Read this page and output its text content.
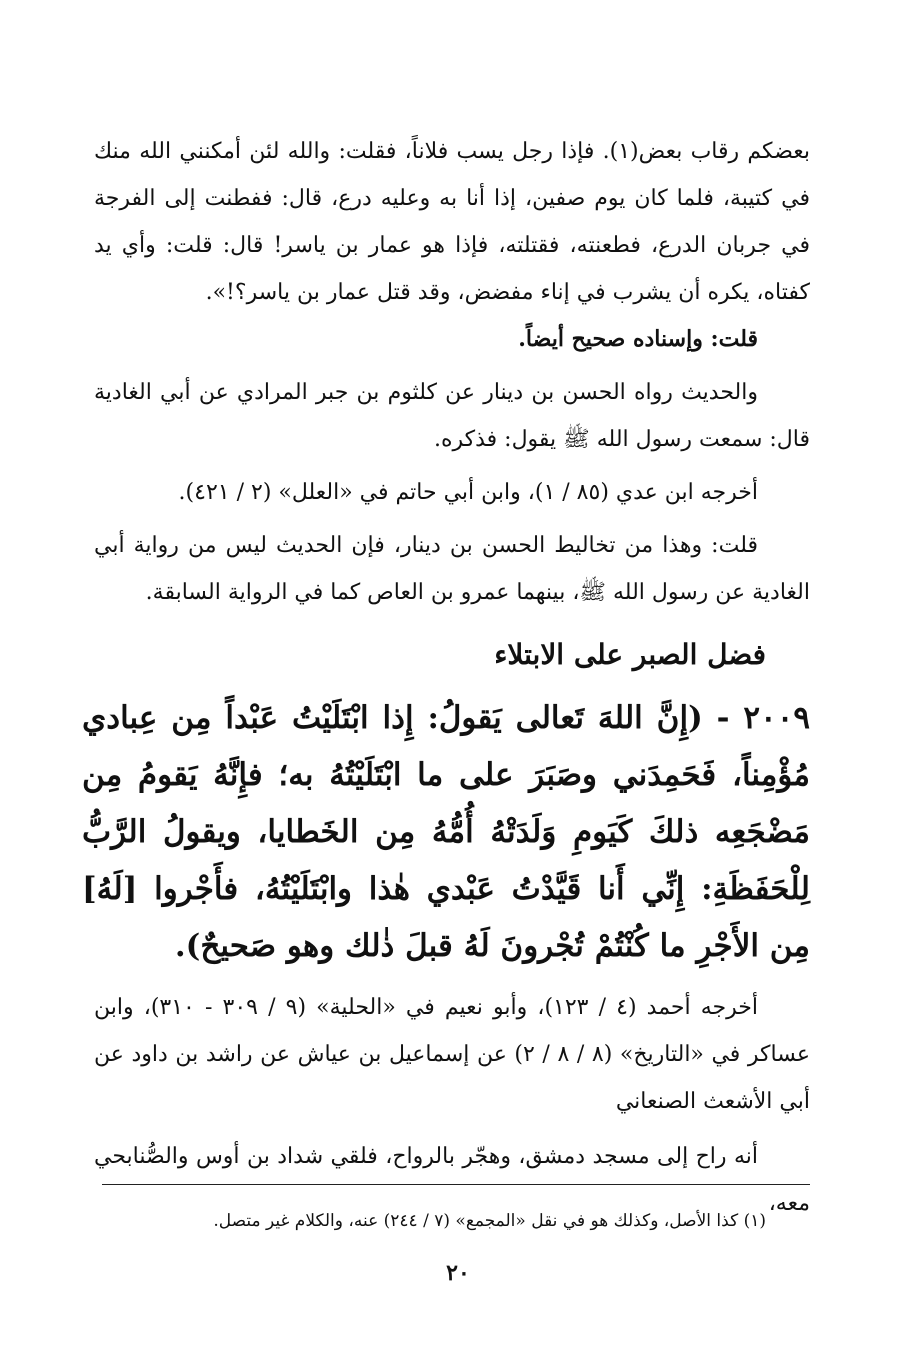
بعضكم رقاب بعض(١). فإذا رجل يسب فلاناً، فقلت: والله لئن أمكنني الله منك في كتيبة، فلما كان يوم صفين، إذا أنا به وعليه درع، قال: ففطنت إلى الفرجة في جربان الدرع، فطعنته، فقتلته، فإذا هو عمار بن ياسر! قال: قلت: وأي يد كفتاه، يكره أن يشرب في إناء مفضض، وقد قتل عمار بن ياسر؟!».

قلت: وإسناده صحيح أيضاً.

والحديث رواه الحسن بن دينار عن كلثوم بن جبر المرادي عن أبي الغادية قال: سمعت رسول الله ﷺ يقول: فذكره.

أخرجه ابن عدي (٨٥ / ١)، وابن أبي حاتم في «العلل» (٢ / ٤٢١).

قلت: وهذا من تخاليط الحسن بن دينار، فإن الحديث ليس من رواية أبي الغادية عن رسول الله ﷺ، بينهما عمرو بن العاص كما في الرواية السابقة.

فضل الصبر على الابتلاء

٢٠٠٩ - (إِنَّ اللهَ تَعالى يَقولُ: إِذا ابْتَلَيْتُ عَبْداً مِن عِبادي مُؤْمِناً، فَحَمِدَني وصَبَرَ على ما ابْتَلَيْتُهُ به؛ فإِنَّهُ يَقومُ مِن مَضْجَعِه ذلكَ كَيَومِ وَلَدَتْهُ أُمُّهُ مِن الخَطايا، ويقولُ الرَّبُّ لِلْحَفَظَةِ: إِنِّي أَنا قَيَّدْتُ عَبْدي هٰذا وابْتَلَيْتُهُ، فأَجْروا [لَهُ] مِن الأَجْرِ ما كُنْتُمْ تُجْرونَ لَهُ قبلَ ذٰلك وهو صَحيحٌ).

أخرجه أحمد (٤ / ١٢٣)، وأبو نعيم في «الحلية» (٩ / ٣٠٩ - ٣١٠)، وابن عساكر في «التاريخ» (٨ / ٨ / ٢) عن إسماعيل بن عياش عن راشد بن داود عن أبي الأشعث الصنعاني

أنه راح إلى مسجد دمشق، وهجّر بالرواح، فلقي شداد بن أوس والصُّنابحي معه،

(١) كذا الأصل، وكذلك هو في نقل «المجمع» (٧ / ٢٤٤) عنه، والكلام غير متصل.

٢٠
